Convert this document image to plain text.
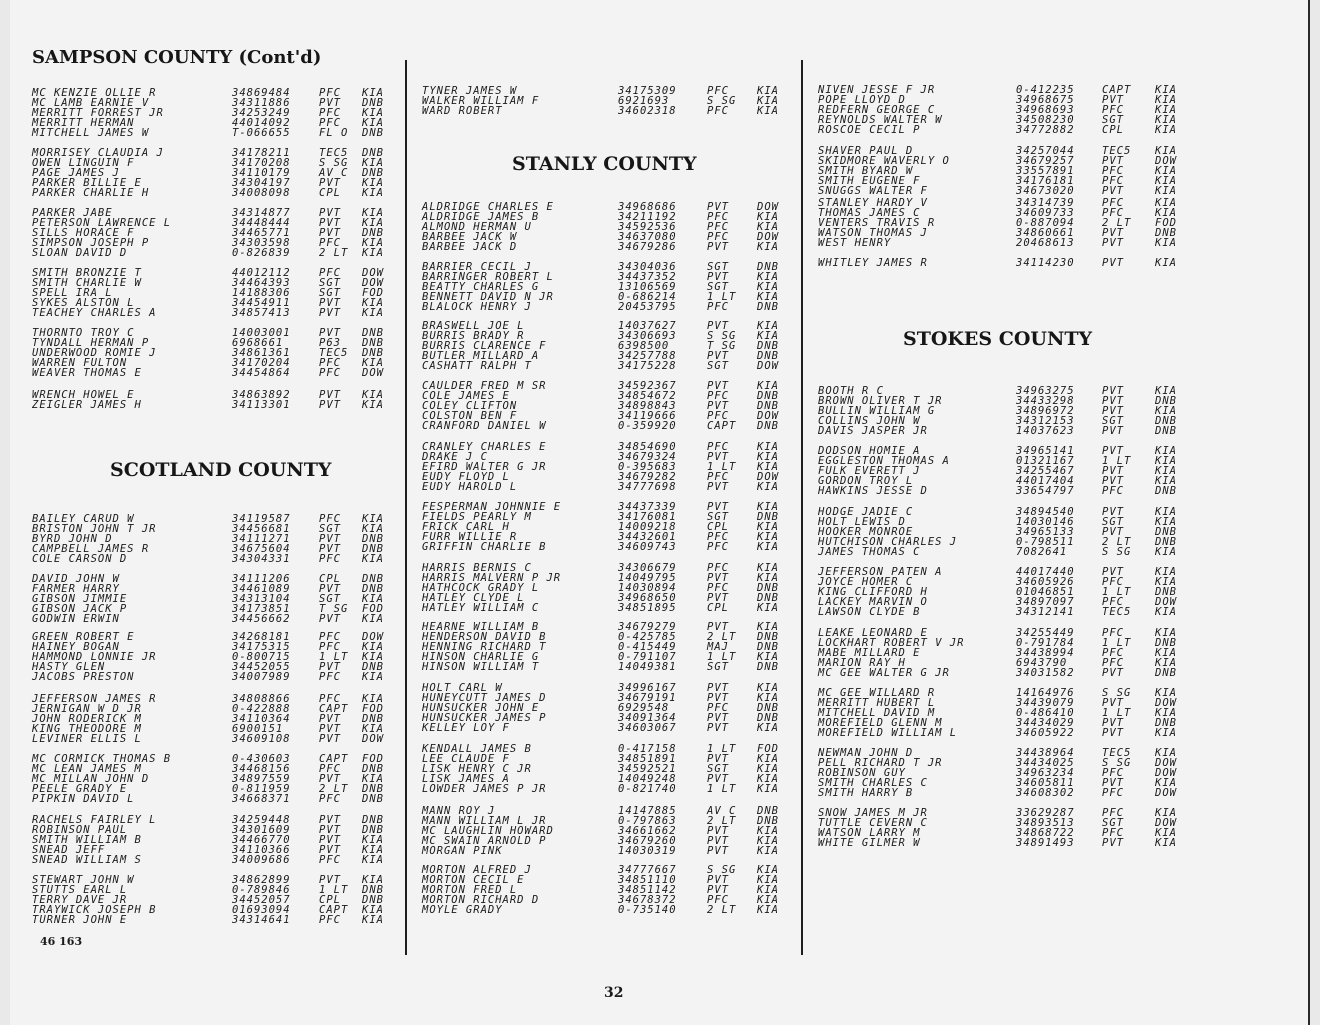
SAMPSON COUNTY (Cont'd)
MC KENZIE OLLIE R	34869484	PFC KIA
MC LAMB EARNIE V	34311886	PVT DNB
MERRITT FORREST JR	34253249	PFC KIA
MERRITT HERMAN	44014092	PFC KIA
MITCHELL JAMES W	T-066655	FL O DNB
MORRISEY CLAUDIA J	34178211	TEC5 DNB
OWEN LINGUIN F	34170208	S SG KIA
PAGE JAMES J	34110179	AV C DNB
PARKER BILLIE E	34304197	PVT KIA
PARKER CHARLIE H	34008098	CPL KIA
PARKER JABE	34314877	PVT KIA
PETERSON LAWRENCE L	34448444	PVT KIA
SILLS HORACE F	34465771	PVT DNB
SIMPSON JOSEPH P	34303598	PFC KIA
SLOAN DAVID D	0-826839	2 LT KIA
SMITH BRONZIE T	44012112	PFC DOW
SMITH CHARLIE W	34464393	SGT DOW
SPELL IRA L	14188306	SGT FOD
SYKES ALSTON L	34454911	PVT KIA
TEACHEY CHARLES A	34857413	PVT KIA
THORNTO TROY C	14003001	PVT DNB
TYNDALL HERMAN P	6968661	P63 DNB
UNDERWOOD ROMIE J	34861361	TEC5 DNB
WARREN FULTON	34170204	PFC KIA
WEAVER THOMAS E	34454864	PFC DOW
WRENCH HOWEL E	34863892	PVT KIA
ZEIGLER JAMES H	34113301	PVT KIA
SCOTLAND COUNTY
BAILEY CARUD W	34119587	PFC KIA
BRISTON JOHN T JR	34456681	SGT KIA
BYRD JOHN D	34111271	PVT DNB
CAMPBELL JAMES R	34675604	PVT DNB
COLE CARSON D	34304331	PFC KIA
DAVID JOHN W	34111206	CPL DNB
FARMER HARRY	34461089	PVT DNB
GIBSON JIMMIE	34313104	SGT KIA
GIBSON JACK P	34173851	T SG FOD
GODWIN ERWIN	34456662	PVT KIA
GREEN ROBERT E	34268181	PFC DOW
HAINEY BOGAN	34175315	PFC KIA
HAMMOND LONNIE JR	0-800715	1 LT KIA
HASTY GLEN	34452055	PVT DNB
JACOBS PRESTON	34007989	PFC KIA
JEFFERSON JAMES R	34808866	PFC KIA
JERNIGAN W D JR	0-422888	CAPT FOD
JOHN RODERICK M	34110364	PVT DNB
KING THEODORE M	6900151	PVT KIA
LEVINER ELLIS L	34609108	PVT DOW
MC CORMICK THOMAS B	0-430603	CAPT FOD
MC LEAN JAMES M	34468156	PFC DNB
MC MILLAN JOHN D	34897559	PVT KIA
PEELE GRADY E	0-811959	2 LT DNB
PIPKIN DAVID L	34668371	PFC DNB
RACHELS FAIRLEY L	34259448	PVT DNB
ROBINSON PAUL	34301609	PVT DNB
SMITH WILLIAM B	34466770	PVT KIA
SNEAD JEFF	34110366	PVT KIA
SNEAD WILLIAM S	34009686	PFC KIA
STEWART JOHN W	34862899	PVT KIA
STUTTS EARL L	0-789846	1 LT DNB
TERRY DAVE JR	34452057	CPL DNB
TRAYWICK JOSEPH B	01693094	CAPT KIA
TURNER JOHN E	34314641	PFC KIA
TYNER JAMES W	34175309	PFC	KIA
WALKER WILLIAM F	6921693	S SG KIA
WARD ROBERT	34602318	PFC	KIA
STANLY COUNTY
ALDRIDGE CHARLES E	34968686	PVT	DOW
ALDRIDGE JAMES B	34211192	PFC	KIA
ALMOND HERMAN U	34592536	PFC	KIA
BARBEE JACK W	34637080	PFC	DOW
BARBEE JACK D	34679286	PVT	KIA
BARRIER CECIL J	34304036	SGT	DNB
BARRINGER ROBERT L	34437352	PVT	KIA
BEATTY CHARLES G	13106569	SGT	KIA
BENNETT DAVID N JR	0-686214	1 LT KIA
BLALOCK HENRY J	20453795	PFC	DNB
BRASWELL JOE L	14037627	PVT	KIA
BURRIS BRADY R	34306693	S SG KIA
BURRIS CLARENCE F	6398500	T SG DNB
BUTLER MILLARD A	34257788	PVT	DNB
CASHATT RALPH T	34175228	SGT	DOW
CAULDER FRED M SR	34592367	PVT	KIA
COLE JAMES E	34854672	PFC	DNB
COLEY CLIFTON	34898843	PVT	DNB
COLSTON BEN F	34119666	PFC	DOW
CRANFORD DANIEL W	0-359920	CAPT DNB
CRANLEY CHARLES E	34854690	PFC	KIA
DRAKE J C	34679324	PVT	KIA
EFIRD WALTER G JR	0-395683	1 LT KIA
EUDY FLOYD L	34679282	PFC	DOW
EUDY HAROLD L	34777698	PVT	KIA
FESPERMAN JOHNNIE E	34437339	PVT	KIA
FIELDS PEARLY M	34176081	SGT	DNB
FRICK CARL H	14009218	CPL	KIA
FURR WILLIE R	34432601	PFC	KIA
GRIFFIN CHARLIE B	34609743	PFC	KIA
HARRIS BERNIS C	34306679	PFC	KIA
HARRIS MALVERN P JR	14049795	PVT	KIA
HATHCOCK GRADY L	14030894	PFC	DNB
HATLEY CLYDE L	34968650	PVT	DNB
HATLEY WILLIAM C	34851895	CPL	KIA
HEARNE WILLIAM B	34679279	PVT	KIA
HENDERSON DAVID B	0-425785	2 LT DNB
HENNING RICHARD T	0-415449	MAJ	DNB
HINSON CHARLIE G	0-791107	1 LT KIA
HINSON WILLIAM T	14049381	SGT	DNB
HOLT CARL W	34996167	PVT	KIA
HUNEYCUTT JAMES D	34679191	PVT	KIA
HUNSUCKER JOHN E	6929548	PFC	DNB
HUNSUCKER JAMES P	34091364	PVT	DNB
KELLEY LOY F	34603067	PVT	KIA
KENDALL JAMES B	0-417158	1 LT FOD
LEE CLAUDE F	34851891	PVT	KIA
LISK HENRY C JR	34592521	SGT	KIA
LISK JAMES A	14049248	PVT	KIA
LOWDER JAMES P JR	0-821740	1 LT KIA
MANN ROY J	14147885	AV C DNB
MANN WILLIAM L JR	0-797863	2 LT DNB
MC LAUGHLIN HOWARD	34661662	PVT	KIA
MC SWAIN ARNOLD P	34679260	PVT	KIA
MORGAN PINK	14030319	PVT	KIA
MORTON ALFRED J	34777667	S SG KIA
MORTON CECIL E	34851110	PVT	KIA
MORTON FRED L	34851142	PVT	KIA
MORTON RICHARD D	34678372	PFC	KIA
MOYLE GRADY	0-735140	2 LT KIA
NIVEN JESSE F JR	0-412235	CAPT KIA
POPE LLOYD D	34968675	PVT	KIA
REDFERN GEORGE C	34968693	PFC	KIA
REYNOLDS WALTER W	34508230	SGT	KIA
ROSCOE CECIL P	34772882	CPL	KIA
SHAVER PAUL D	34257044	TEC5 KIA
SKIDMORE WAVERLY O	34679257	PVT	DOW
SMITH BYARD W	33557891	PFC	KIA
SMITH EUGENE F	34176181	PFC	KIA
SNUGGS WALTER F	34673020	PVT	KIA
STANLEY HARDY V	34314739	PFC	KIA
THOMAS JAMES C	34609733	PFC	KIA
VENTERS TRAVIS R	0-887094	2 LT FOD
WATSON THOMAS J	34860661	PVT	DNB
WEST HENRY	20468613	PVT	KIA
WHITLEY JAMES R	34114230	PVT	KIA
STOKES COUNTY
BOOTH R C	34963275	PVT	KIA
BROWN OLIVER T JR	34433298	PVT	DNB
BULLIN WILLIAM G	34896972	PVT	KIA
COLLINS JOHN W	34312153	SGT	DNB
DAVIS JASPER JR	14037623	PVT	DNB
DODSON HOMIE A	34965141	PVT	KIA
EGGLESTON THOMAS A	01321167	1 LT KIA
FULK EVERETT J	34255467	PVT	KIA
GORDON TROY L	44017404	PVT	KIA
HAWKINS JESSE D	33654797	PFC	DNB
HODGE JADIE C	34894540	PVT	KIA
HOLT LEWIS D	14030146	SGT	KIA
HOOKER MONROE	34965133	PVT	DNB
HUTCHISON CHARLES J	0-798511	2 LT DNB
JAMES THOMAS C	7082641	S SG KIA
JEFFERSON PATEN A	44017440	PVT	KIA
JOYCE HOMER C	34605926	PFC	KIA
KING CLIFFORD H	01046851	1 LT DNB
LACKEY MARVIN O	34897097	PFC	DOW
LAWSON CLYDE B	34312141	TEC5 KIA
LEAKE LEONARD E	34255449	PFC	KIA
LOCKHART ROBERT V JR	0-791784	1 LT DNB
MABE MILLARD E	34438994	PFC	KIA
MARION RAY H	6943790	PFC	KIA
MC GEE WALTER G JR	34031582	PVT	DNB
MC GEE WILLARD R	14164976	S SG KIA
MERRITT HUBERT L	34439079	PVT	DOW
MITCHELL DAVID M	0-486410	1 LT KIA
MOREFIELD GLENN M	34434029	PVT	DNB
MOREFIELD WILLIAM L	34605922	PVT	KIA
NEWMAN JOHN D	34438964	TEC5 KIA
PELL RICHARD T JR	34434025	S SG DOW
ROBINSON GUY	34963234	PFC	DOW
SMITH CHARLES C	34605811	PVT	KIA
SMITH HARRY B	34608302	PFC	DOW
SNOW JAMES M JR	33629287	PFC	KIA
TUTTLE CEVERN C	34893513	SGT	DOW
WATSON LARRY M	34868722	PFC	KIA
WHITE GILMER W	34891493	PVT	KIA
46 163
32
